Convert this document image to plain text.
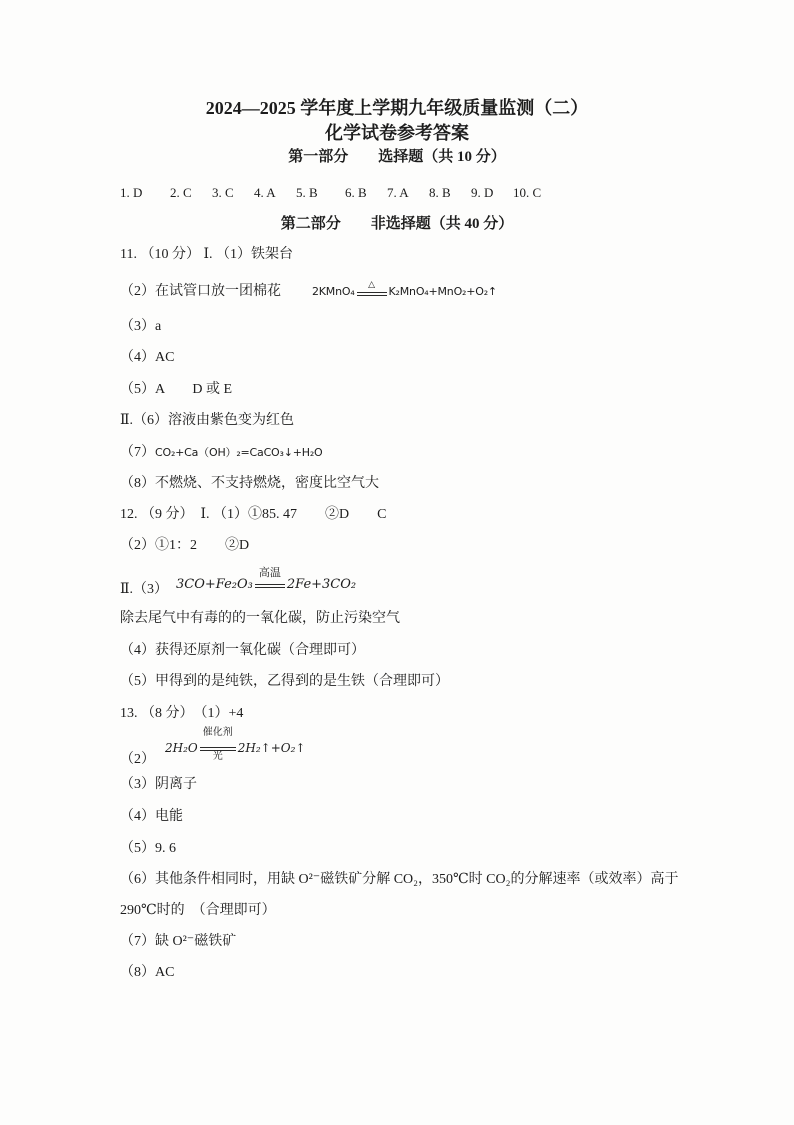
2024—2025 学年度上学期九年级质量监测（二）
化学试卷参考答案
第一部分　　选择题（共 10 分）
1. D 2. C 3. C 4. A 5. B 6. B 7. A 8. B 9. D 10. C
第二部分　　非选择题（共 40 分）
11. （10 分） Ⅰ. （1）铁架台
（2）在试管口放一团棉花	2KMnO₄	△	K₂MnO₄+MnO₂+O₂↑
（3）a
（4）AC
（5）A　　D 或 E
Ⅱ.（6）溶液由紫色变为红色
（7）CO₂+Ca（OH）₂=CaCO₃↓+H₂O
（8）不燃烧、不支持燃烧，密度比空气大
12. （9 分）　Ⅰ. （1）①85. 47　　②D　　C
（2）①1：2　　②D
Ⅱ.（3） 3CO+Fe₂O₃
高温
2Fe+3CO₂
除去尾气中有毒的的一氧化碳，防止污染空气
（4）获得还原剂一氧化碳（合理即可）
（5）甲得到的是纯铁，乙得到的是生铁（合理即可）
13. （8 分）　（1）+4
（2）
2H₂O
催化剂
光
2H₂↑+O₂↑
（3）阴离子
（4）电能
（5）9. 6
（6）其他条件相同时，用缺 O²⁻磁铁矿分解 CO₂，350℃时 CO₂的分解速率（或效率）高于
290℃时的　（合理即可）
（7）缺 O²⁻磁铁矿
（8）AC
